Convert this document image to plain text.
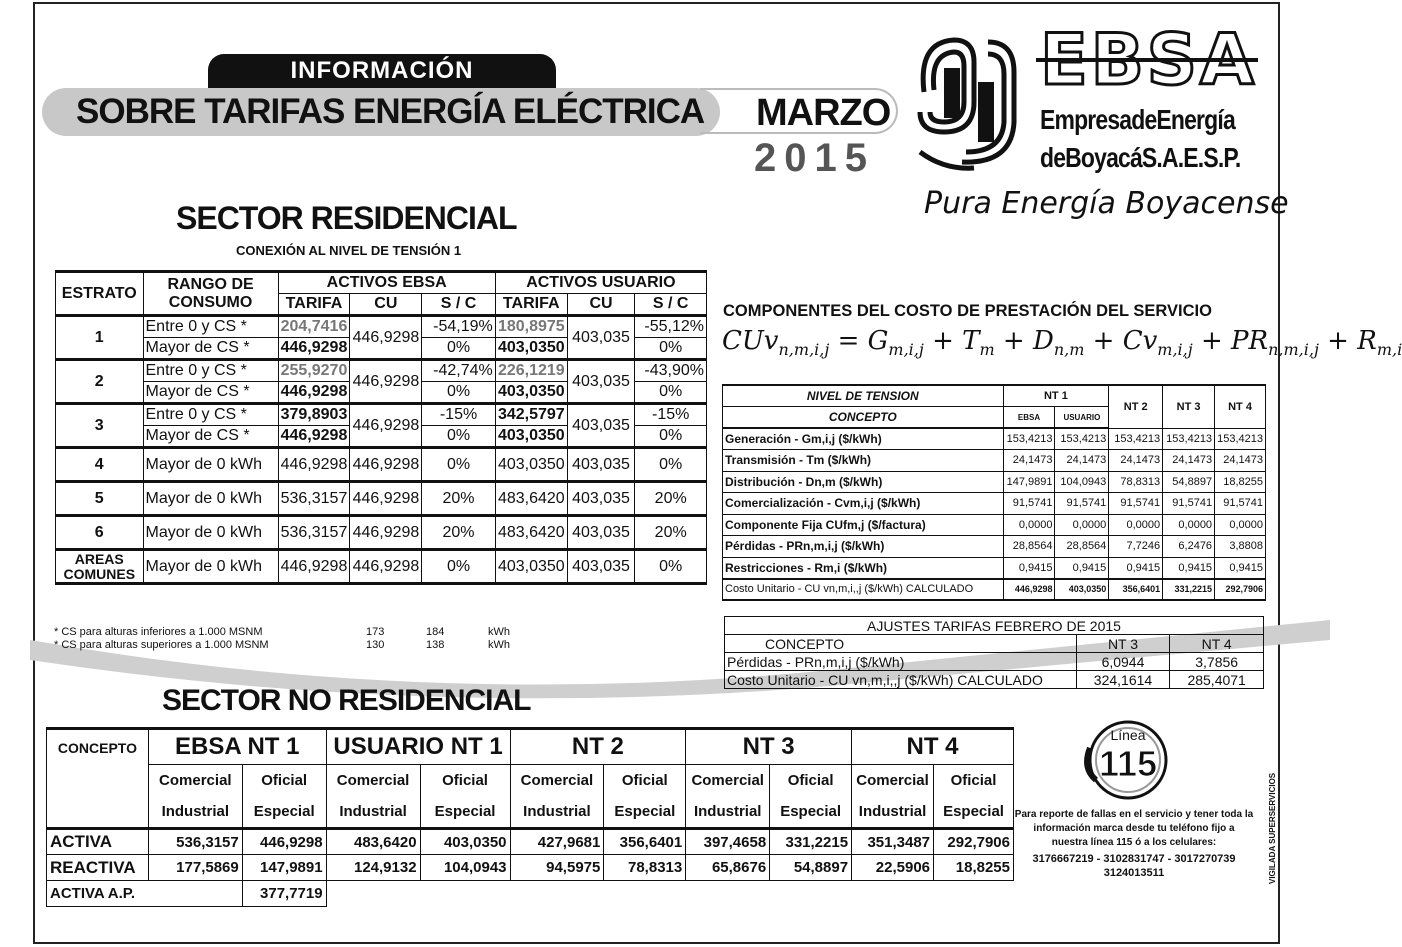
INFORMACIÓN
SOBRE TARIFAS ENERGÍA ELÉCTRICA MARZO
2015
EBSA
EmpresadeEnergía
deBoyacáS.A.E.S.P.
Pura Energía Boyacense
SECTOR RESIDENCIAL
CONEXIÓN AL NIVEL DE TENSIÓN 1
ESTRATO	RANGO DE CONSUMO	ACTIVOS EBSA			ACTIVOS USUARIO		
		TARIFA	CU	S / C	TARIFA	CU	S / C
1	Entre 0 y CS *	204,7416	446,9298	-54,19%	180,8975	403,035	-55,12%
	Mayor de CS *	446,9298		0%	403,0350		0%
2	Entre 0 y CS *	255,9270	446,9298	-42,74%	226,1219	403,035	-43,90%
	Mayor de CS *	446,9298		0%	403,0350		0%
3	Entre 0 y CS *	379,8903	446,9298	-15%	342,5797	403,035	-15%
	Mayor de CS *	446,9298		0%	403,0350		0%
4	Mayor de 0 kWh	446,9298	446,9298	0%	403,0350	403,035	0%
5	Mayor de 0 kWh	536,3157	446,9298	20%	483,6420	403,035	20%
6	Mayor de 0 kWh	536,3157	446,9298	20%	483,6420	403,035	20%
AREAS COMUNES	Mayor de 0 kWh	446,9298	446,9298	0%	403,0350	403,035	0%
* CS para alturas inferiores a 1.000 MSNM	173	184	kWh
* CS para alturas superiores a 1.000 MSNM	130	138	kWh
COMPONENTES DEL COSTO DE PRESTACIÓN DEL SERVICIO
$CUv_{n,m,i,j} = G_{m,i,j} + T_m + D_{n,m} + Cv_{m,i,j} + PR_{n,m,i,j} + R_{m,i}$
NIVEL DE TENSION	NT 1		NT 2	NT 3	NT 4
CONCEPTO	EBSA	USUARIO			
Generación - Gm,i,j ($/kWh)	153,4213	153,4213	153,4213	153,4213	153,4213
Transmisión - Tm ($/kWh)	24,1473	24,1473	24,1473	24,1473	24,1473
Distribución - Dn,m ($/kWh)	147,9891	104,0943	78,8313	54,8897	18,8255
Comercialización - Cvm,i,j ($/kWh)	91,5741	91,5741	91,5741	91,5741	91,5741
Componente Fija CUfm,j ($/factura)	0,0000	0,0000	0,0000	0,0000	0,0000
Pérdidas - PRn,m,i,j ($/kWh)	28,8564	28,8564	7,7246	6,2476	3,8808
Restricciones - Rm,i ($/kWh)	0,9415	0,9415	0,9415	0,9415	0,9415
Costo Unitario - CU vn,m,i,,j ($/kWh) CALCULADO	446,9298	403,0350	356,6401	331,2215	292,7906
AJUSTES TARIFAS FEBRERO DE 2015		
CONCEPTO	NT 3	NT 4
Pérdidas - PRn,m,i,j ($/kWh)	6,0944	3,7856
Costo Unitario - CU vn,m,i,,j ($/kWh) CALCULADO	324,1614	285,4071
SECTOR NO RESIDENCIAL
CONCEPTO	EBSA NT 1		USUARIO NT 1		NT 2		NT 3		NT 4	
	Comercial	Oficial	Comercial	Oficial	Comercial	Oficial	Comercial	Oficial	Comercial	Oficial
	Industrial	Especial	Industrial	Especial	Industrial	Especial	Industrial	Especial	Industrial	Especial
ACTIVA	536,3157	446,9298	483,6420	403,0350	427,9681	356,6401	397,4658	331,2215	351,3487	292,7906
REACTIVA	177,5869	147,9891	124,9132	104,0943	94,5975	78,8313	65,8676	54,8897	22,5906	18,8255
ACTIVA A.P.		377,7719								
Línea
115
Para reporte de fallas en el servicio y tener toda la
información marca desde tu teléfono fijo a
nuestra línea 115 ó a los celulares:
3176667219 - 3102831747 - 3017270739
3124013511	VIGILADA SUPERSERVICIOS
